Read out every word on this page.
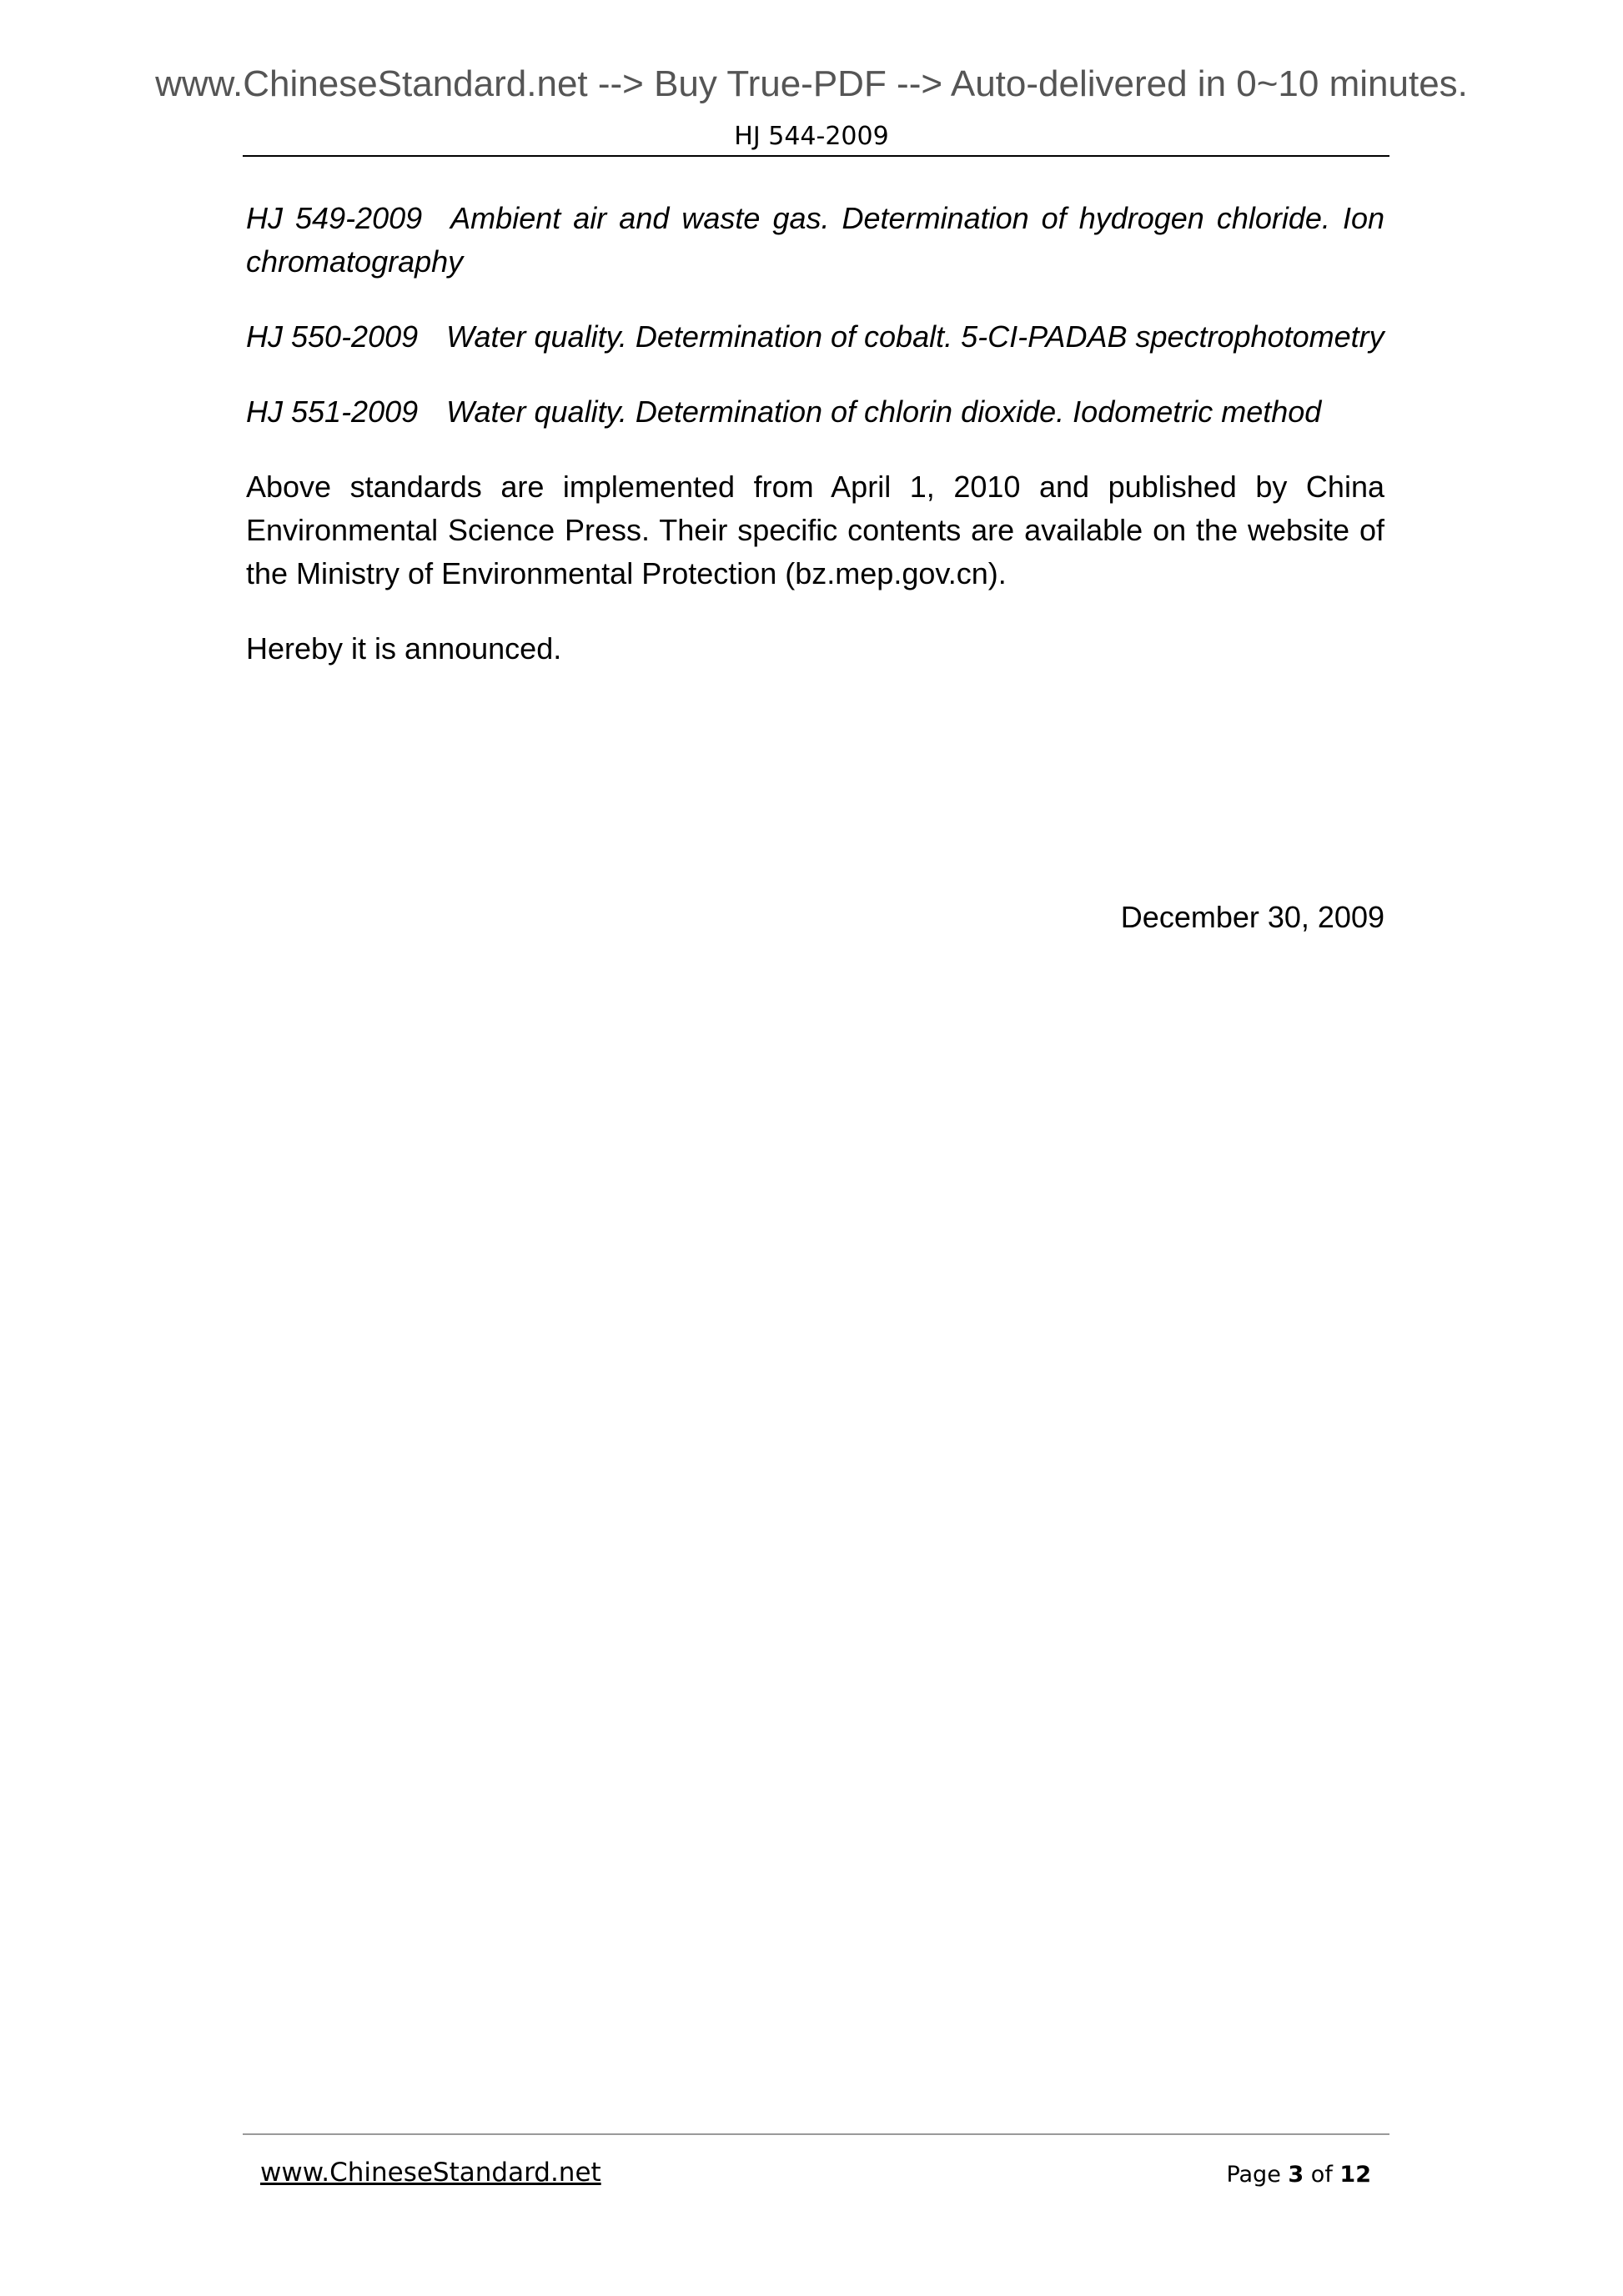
www.ChineseStandard.net --> Buy True-PDF --> Auto-delivered in 0~10 minutes.
HJ 544-2009

HJ 549-2009 Ambient air and waste gas. Determination of hydrogen chloride. Ion chromatography

HJ 550-2009 Water quality. Determination of cobalt. 5-CI-PADAB spectrophotometry

HJ 551-2009 Water quality. Determination of chlorin dioxide. Iodometric method

Above standards are implemented from April 1, 2010 and published by China Environmental Science Press. Their specific contents are available on the website of the Ministry of Environmental Protection (bz.mep.gov.cn).

Hereby it is announced.

December 30, 2009
www.ChineseStandard.net	Page 3 of 12
